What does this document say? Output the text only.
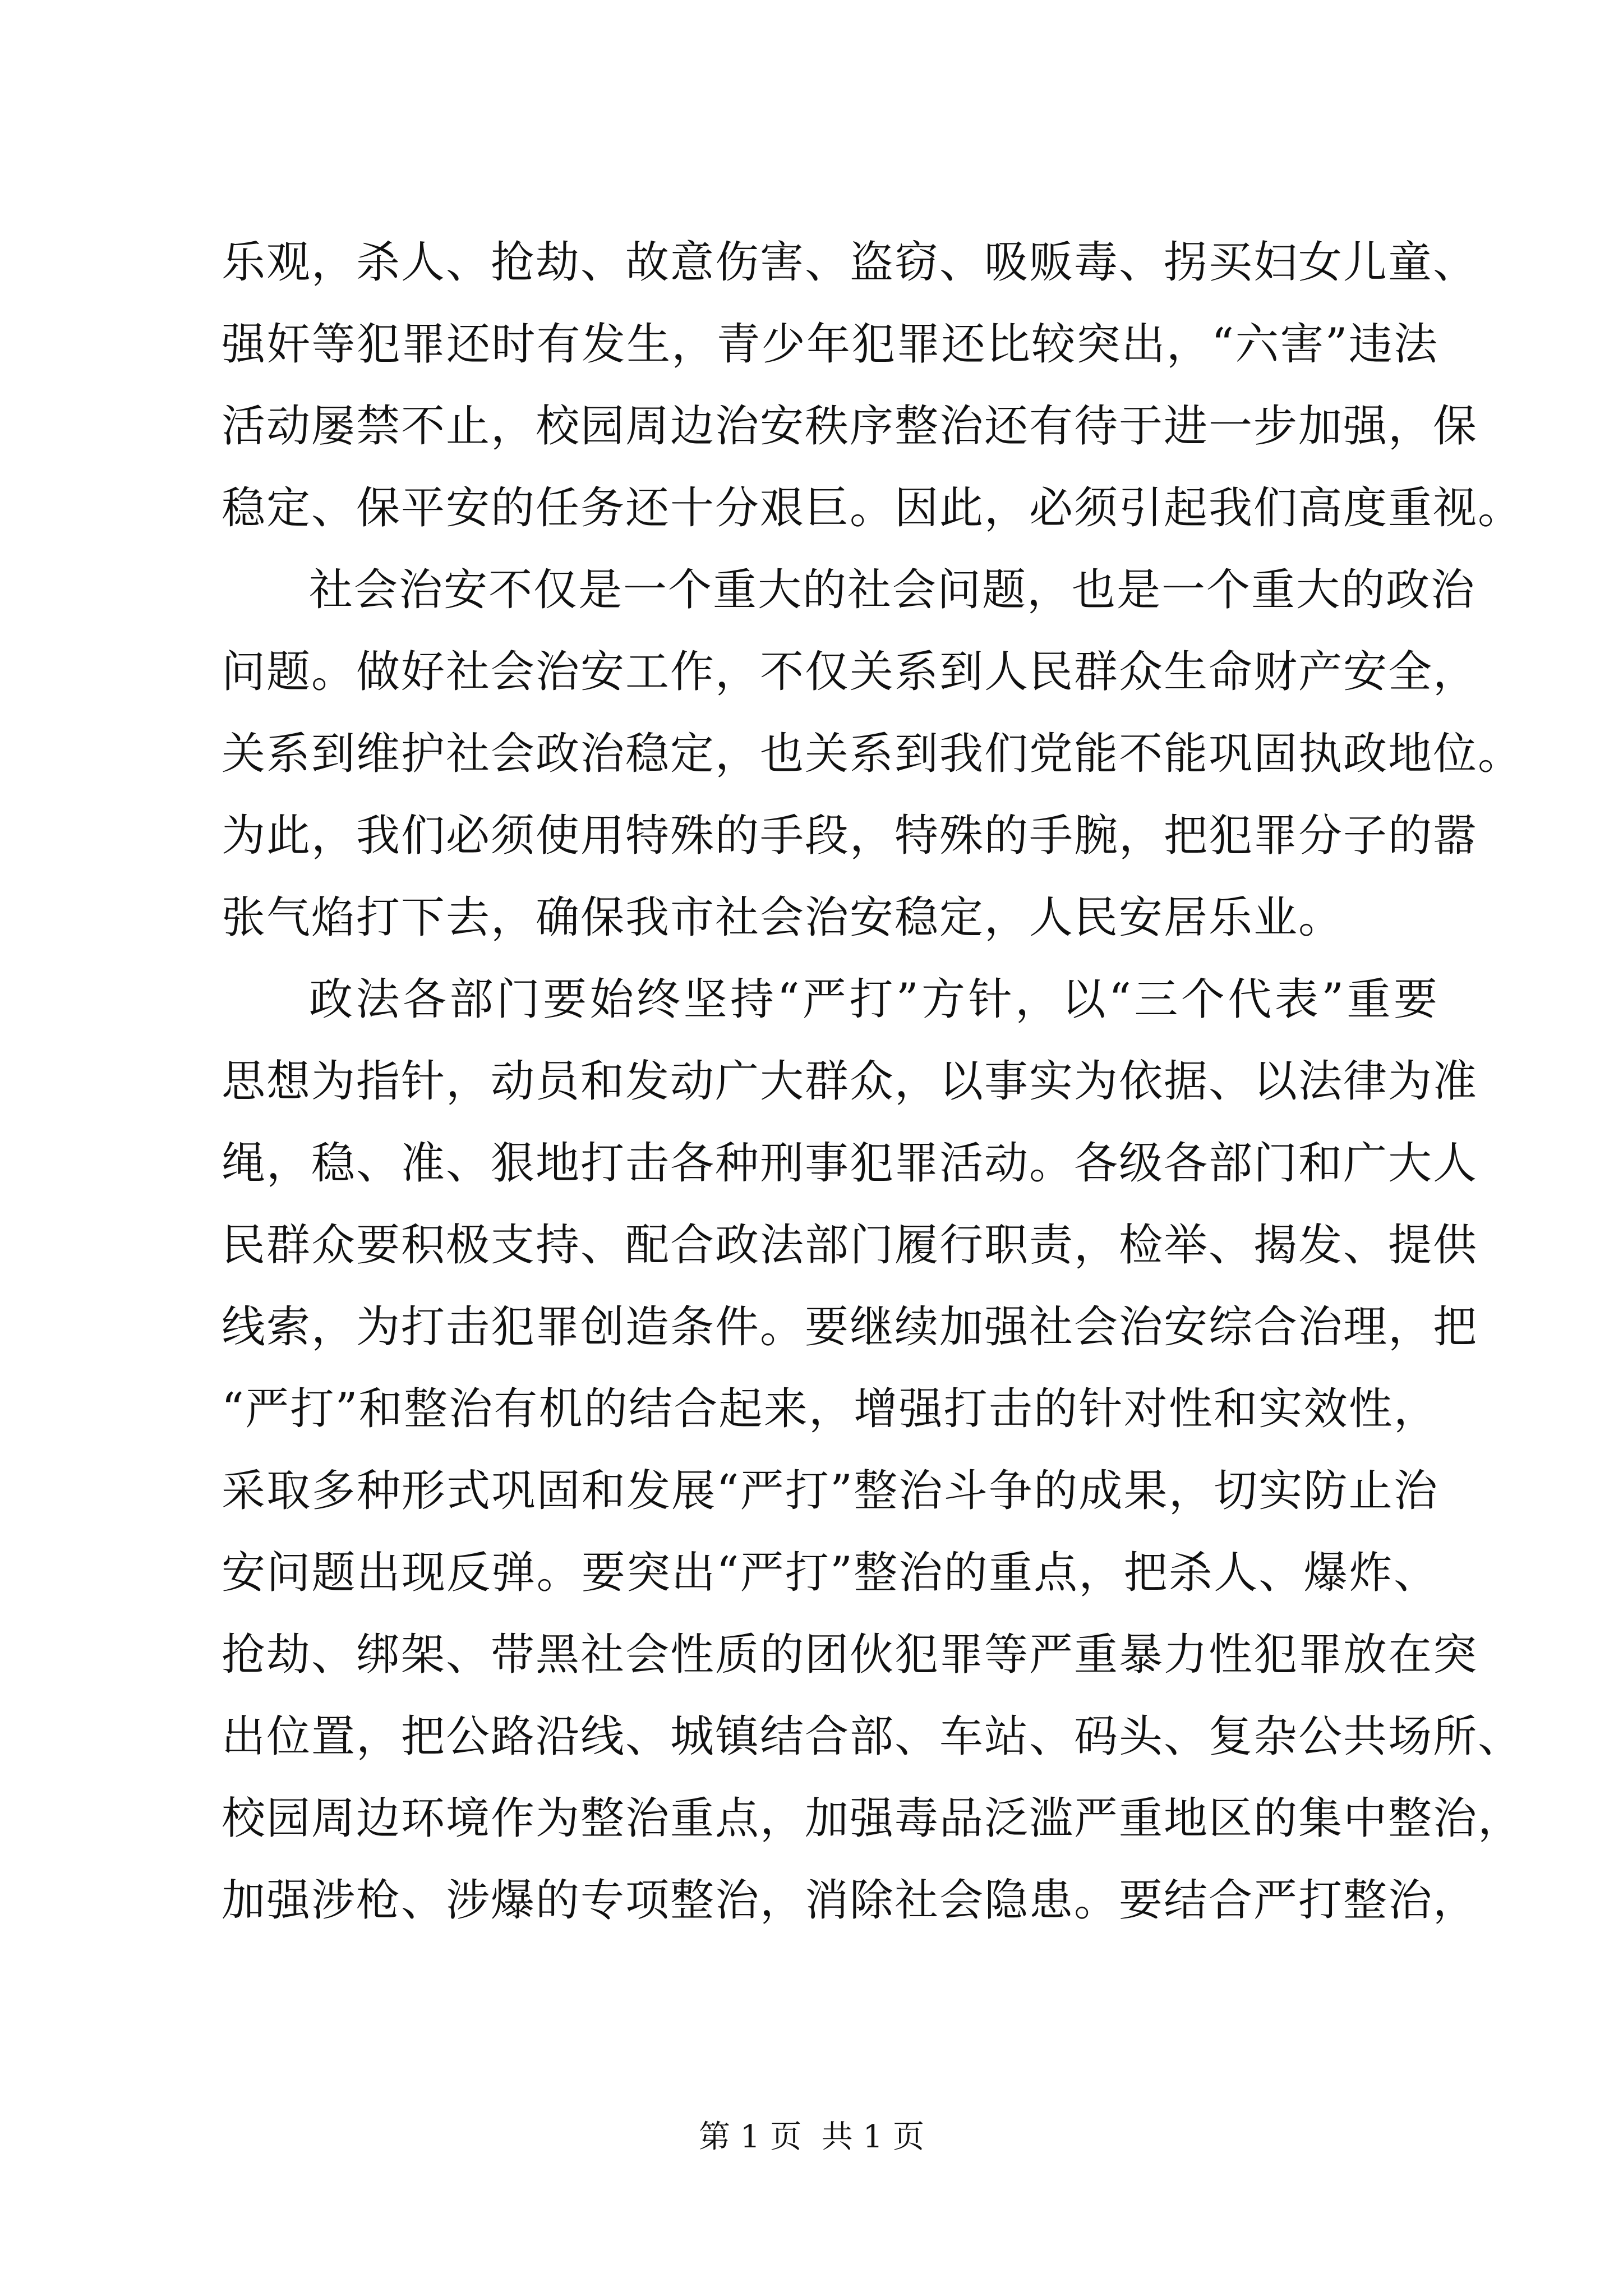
乐观，杀人、抢劫、故意伤害、盗窃、吸贩毒、拐买妇女儿童、
强奸等犯罪还时有发生，青少年犯罪还比较突出，“六害”违法
活动屡禁不止，校园周边治安秩序整治还有待于进一步加强，保
稳定、保平安的任务还十分艰巨。因此，必须引起我们高度重视。
社会治安不仅是一个重大的社会问题，也是一个重大的政治
问题。做好社会治安工作，不仅关系到人民群众生命财产安全，
关系到维护社会政治稳定，也关系到我们党能不能巩固执政地位。
为此，我们必须使用特殊的手段，特殊的手腕，把犯罪分子的嚣
张气焰打下去，确保我市社会治安稳定，人民安居乐业。
政法各部门要始终坚持“严打”方针，以“三个代表”重要
思想为指针，动员和发动广大群众，以事实为依据、以法律为准
绳，稳、准、狠地打击各种刑事犯罪活动。各级各部门和广大人
民群众要积极支持、配合政法部门履行职责，检举、揭发、提供
线索，为打击犯罪创造条件。要继续加强社会治安综合治理，把
“严打”和整治有机的结合起来，增强打击的针对性和实效性，
采取多种形式巩固和发展“严打”整治斗争的成果，切实防止治
安问题出现反弹。要突出“严打”整治的重点，把杀人、爆炸、
抢劫、绑架、带黑社会性质的团伙犯罪等严重暴力性犯罪放在突
出位置，把公路沿线、城镇结合部、车站、码头、复杂公共场所、
校园周边环境作为整治重点，加强毒品泛滥严重地区的集中整治，
加强涉枪、涉爆的专项整治，消除社会隐患。要结合严打整治，
第 1 页  共 1 页
